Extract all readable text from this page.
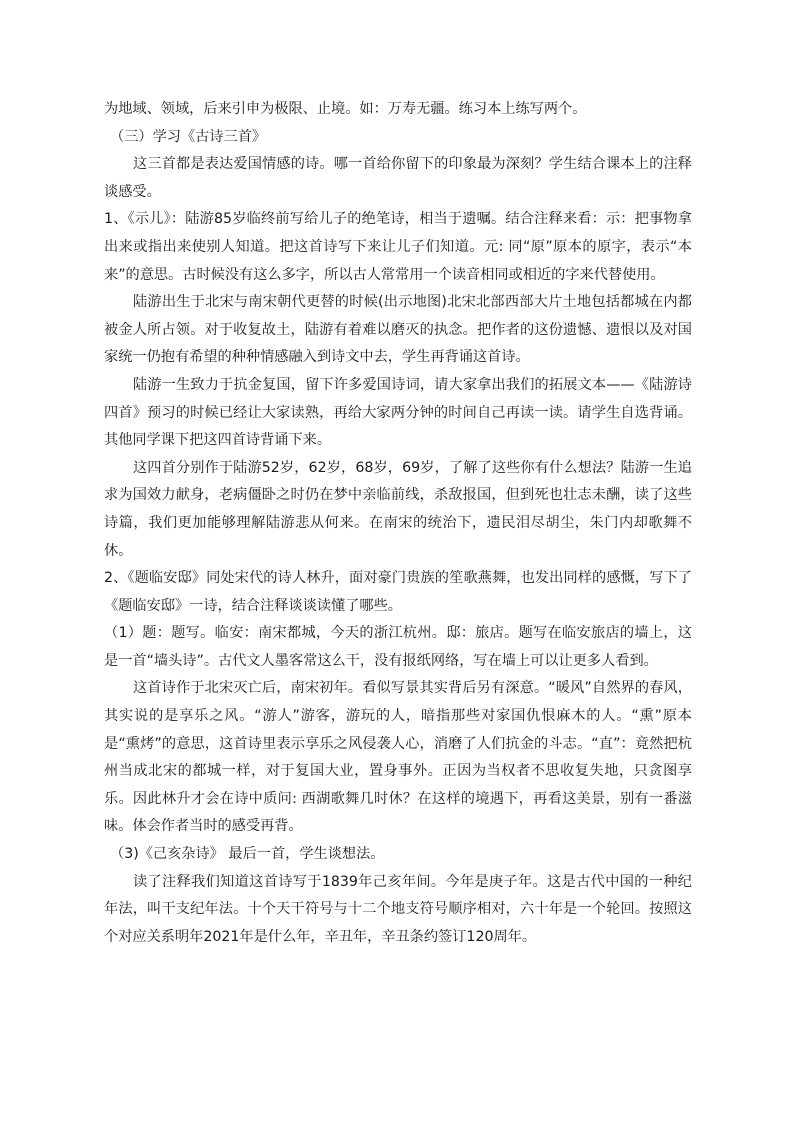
为地域、领域，后来引申为极限、止境。如：万寿无疆。练习本上练写两个。

（三）学习《古诗三首》

这三首都是表达爱国情感的诗。哪一首给你留下的印象最为深刻？学生结合课本上的注释谈感受。

1、《示儿》：陆游85岁临终前写给儿子的绝笔诗，相当于遗嘱。结合注释来看：示：把事物拿出来或指出来使别人知道。把这首诗写下来让儿子们知道。元: 同“原”原本的原字，表示“本来”的意思。古时候没有这么多字，所以古人常常用一个读音相同或相近的字来代替使用。

陆游出生于北宋与南宋朝代更替的时候(出示地图)北宋北部西部大片土地包括都城在内都被金人所占领。对于收复故土，陆游有着难以磨灭的执念。把作者的这份遗憾、遗恨以及对国家统一仍抱有希望的种种情感融入到诗文中去，学生再背诵这首诗。

陆游一生致力于抗金复国，留下许多爱国诗词，请大家拿出我们的拓展文本——《陆游诗四首》预习的时候已经让大家读熟，再给大家两分钟的时间自己再读一读。请学生自选背诵。其他同学课下把这四首诗背诵下来。

这四首分别作于陆游52岁，62岁，68岁，69岁，了解了这些你有什么想法？陆游一生追求为国效力献身，老病僵卧之时仍在梦中亲临前线，杀敌报国，但到死也壮志未酬，读了这些诗篇，我们更加能够理解陆游悲从何来。在南宋的统治下，遗民泪尽胡尘，朱门内却歌舞不休。

2、《题临安邸》同处宋代的诗人林升，面对豪门贵族的笙歌燕舞，也发出同样的感慨，写下了《题临安邸》一诗，结合注释谈谈读懂了哪些。

（1）题：题写。临安：南宋都城，今天的浙江杭州。邸：旅店。题写在临安旅店的墙上，这是一首“墙头诗”。古代文人墨客常这么干，没有报纸网络，写在墙上可以让更多人看到。

这首诗作于北宋灭亡后，南宋初年。看似写景其实背后另有深意。“暖风”自然界的春风，其实说的是享乐之风。“游人”游客，游玩的人，暗指那些对家国仇恨麻木的人。“熏”原本是“熏烤”的意思，这首诗里表示享乐之风侵袭人心，消磨了人们抗金的斗志。“直”：竟然把杭州当成北宋的都城一样，对于复国大业，置身事外。正因为当权者不思收复失地，只贪图享乐。因此林升才会在诗中质问: 西湖歌舞几时休？在这样的境遇下，再看这美景，别有一番滋味。体会作者当时的感受再背。

（3)《己亥杂诗》 最后一首，学生谈想法。

读了注释我们知道这首诗写于1839年己亥年间。今年是庚子年。这是古代中国的一种纪年法，叫干支纪年法。十个天干符号与十二个地支符号顺序相对，六十年是一个轮回。按照这个对应关系明年2021年是什么年，辛丑年，辛丑条约签订120周年。
